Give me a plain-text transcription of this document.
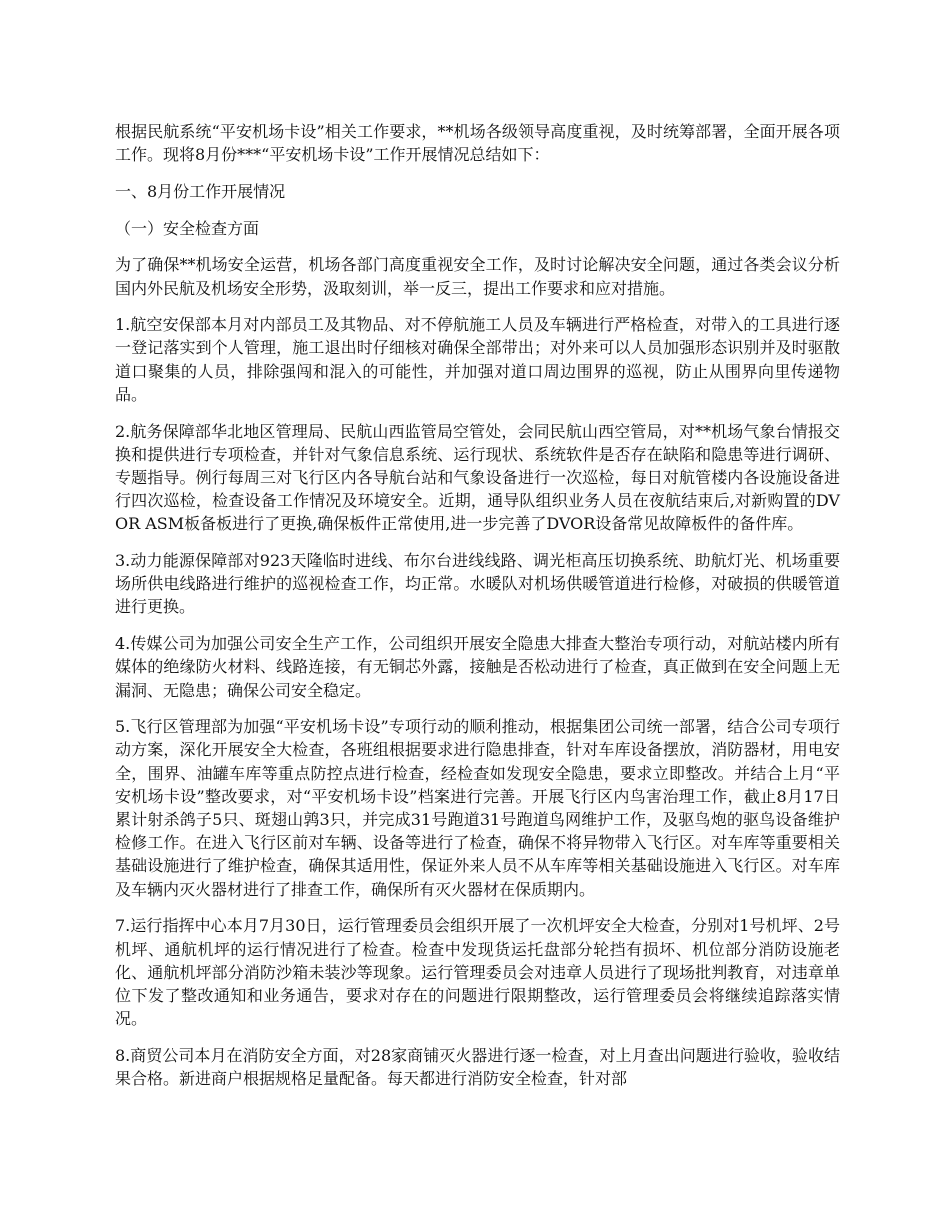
根据民航系统“平安机场卡设”相关工作要求，**机场各级领导高度重视，及时统筹部署，全面开展各项工作。现将8月份***“平安机场卡设”工作开展情况总结如下：

一、8月份工作开展情况

（一）安全检查方面

为了确保**机场安全运营，机场各部门高度重视安全工作，及时讨论解决安全问题，通过各类会议分析国内外民航及机场安全形势，汲取刻训，举一反三，提出工作要求和应对措施。

1.航空安保部本月对内部员工及其物品、对不停航施工人员及车辆进行严格检查，对带入的工具进行逐一登记落实到个人管理，施工退出时仔细核对确保全部带出；对外来可以人员加强形态识别并及时驱散道口聚集的人员，排除强闯和混入的可能性，并加强对道口周边围界的巡视，防止从围界向里传递物品。

2.航务保障部华北地区管理局、民航山西监管局空管处，会同民航山西空管局，对**机场气象台情报交换和提供进行专项检查，并针对气象信息系统、运行现状、系统软件是否存在缺陷和隐患等进行调研、专题指导。例行每周三对飞行区内各导航台站和气象设备进行一次巡检，每日对航管楼内各设施设备进行四次巡检，检查设备工作情况及环境安全。近期，通导队组织业务人员在夜航结束后,对新购置的DVOR ASM板备板进行了更换,确保板件正常使用,进一步完善了DVOR设备常见故障板件的备件库。

3.动力能源保障部对923天隆临时进线、布尔台进线线路、调光柜高压切换系统、助航灯光、机场重要场所供电线路进行维护的巡视检查工作，均正常。水暖队对机场供暖管道进行检修，对破损的供暖管道进行更换。

4.传媒公司为加强公司安全生产工作，公司组织开展安全隐患大排查大整治专项行动，对航站楼内所有媒体的绝缘防火材料、线路连接，有无铜芯外露，接触是否松动进行了检查，真正做到在安全问题上无漏洞、无隐患；确保公司安全稳定。

5.飞行区管理部为加强“平安机场卡设”专项行动的顺利推动，根据集团公司统一部署，结合公司专项行动方案，深化开展安全大检查，各班组根据要求进行隐患排查，针对车库设备摆放，消防器材，用电安全，围界、油罐车库等重点防控点进行检查，经检查如发现安全隐患，要求立即整改。并结合上月“平安机场卡设”整改要求，对“平安机场卡设”档案进行完善。开展飞行区内鸟害治理工作，截止8月17日累计射杀鸽子5只、斑翅山鹑3只，并完成31号跑道31号跑道鸟网维护工作，及驱鸟炮的驱鸟设备维护检修工作。在进入飞行区前对车辆、设备等进行了检查，确保不将异物带入飞行区。对车库等重要相关基础设施进行了维护检查，确保其适用性，保证外来人员不从车库等相关基础设施进入飞行区。对车库及车辆内灭火器材进行了排查工作，确保所有灭火器材在保质期内。

7.运行指挥中心本月7月30日，运行管理委员会组织开展了一次机坪安全大检查，分别对1号机坪、2号机坪、通航机坪的运行情况进行了检查。检查中发现货运托盘部分轮挡有损坏、机位部分消防设施老化、通航机坪部分消防沙箱未装沙等现象。运行管理委员会对违章人员进行了现场批判教育，对违章单位下发了整改通知和业务通告，要求对存在的问题进行限期整改，运行管理委员会将继续追踪落实情况。

8.商贸公司本月在消防安全方面，对28家商铺灭火器进行逐一检查，对上月查出问题进行验收，验收结果合格。新进商户根据规格足量配备。每天都进行消防安全检查，针对部
